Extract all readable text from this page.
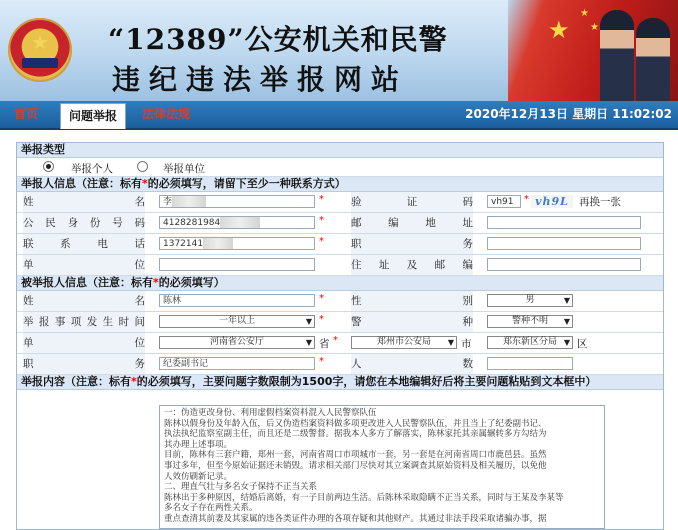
★	“12389”公安机关和民警
违纪违法举报网站
★
★
★
首页	问题举报	法律法规	2020年12月13日 星期日 11:02:02
举报类型
举报个人	举报单位
举报人信息（注意：标有*的必须填写，请留下至少一种联系方式）
姓名	李	*	验证码	vh91	* vh9L 再换一张
公民身份号码	4128281984	*	邮编地址
联系电话	1372141	*	职务
单位	住址及邮编
被举报人信息（注意：标有*的必须填写）
姓名	陈林	*	性别	男	▼
举报事项发生时间	一年以上	▼ *	警种	警种不明 ▼
单位	河南省公安厅	▼ 省 *	郑州市公安局 ▼ 市	郑东新区分局 ▼ 区
职务	纪委副书记	*	人数
举报内容（注意：标有*的必须填写，主要问题字数限制为1500字，请您在本地编辑好后将主要问题粘贴到文本框中）
一：伪造更改身份、利用虚假档案资料混入人民警察队伍
陈林以假身份及年龄入伍，后又伪造档案资料做多项更改进入人民警察队伍，并且当上了纪委副书记、
执法执纪监察室副主任，而且还是二级警督。据我本人多方了解落实，陈林家托其亲属辗转多方勾结为
其办理上述事项。
目前，陈林有三套户籍，郑州一套，河南省周口市项城市一套，另一套是在河南省周口市鹿邑县。虽然
事过多年，但至今原始证据还未销毁。请求相关部门尽快对其立案调查其原始资料及相关履历，以免他
人效仿刷新记录。
二、理直气壮与多名女子保持不正当关系
陈林出于多种原因，结婚后离婚，有一子目前两边生活。后陈林采取隐瞒不正当关系，同时与王某及李某等
多名女子存在两性关系。
重点查清其前妻及其家属的违各类证件办理的各项存疑和其他财产。其通过非法手段采取诸骗办事，据
